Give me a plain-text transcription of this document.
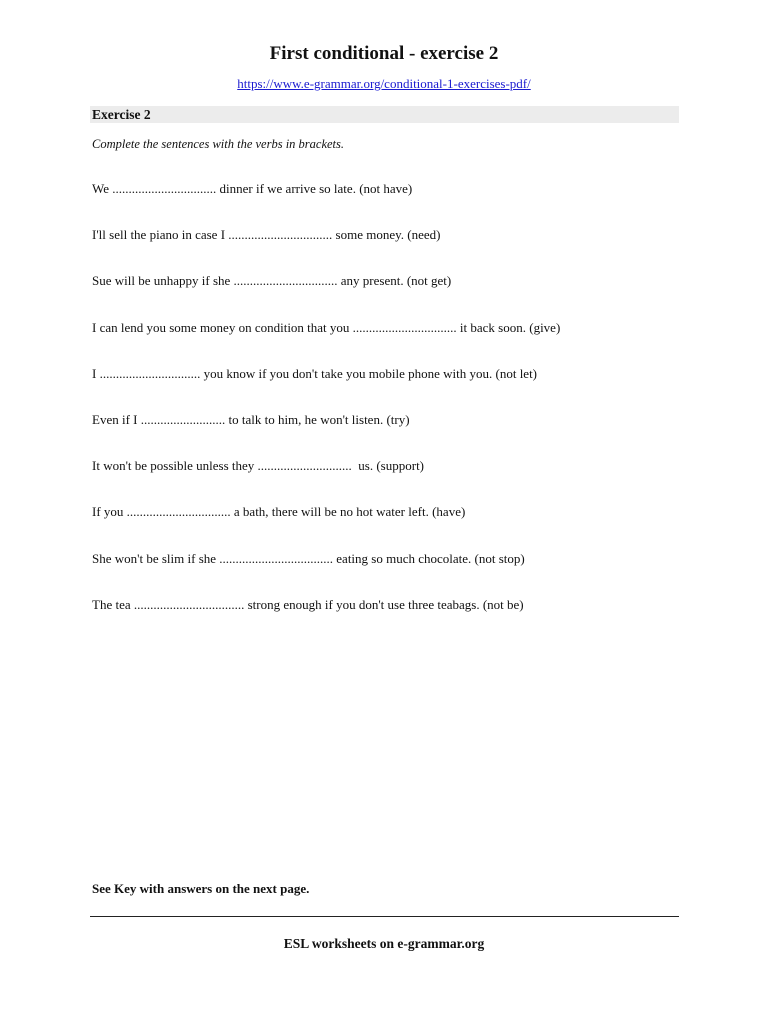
First conditional - exercise 2
https://www.e-grammar.org/conditional-1-exercises-pdf/
Exercise 2
Complete the sentences with the verbs in brackets.
We ................................ dinner if we arrive so late. (not have)
I'll sell the piano in case I ................................ some money. (need)
Sue will be unhappy if she ................................ any present. (not get)
I can lend you some money on condition that you ................................ it back soon. (give)
I ............................... you know if you don't take you mobile phone with you. (not let)
Even if I .......................... to talk to him, he won't listen. (try)
It won't be possible unless they .............................  us. (support)
If you ................................ a bath, there will be no hot water left. (have)
She won't be slim if she ................................... eating so much chocolate. (not stop)
The tea .................................. strong enough if you don't use three teabags. (not be)
See Key with answers on the next page.
ESL worksheets on e-grammar.org
